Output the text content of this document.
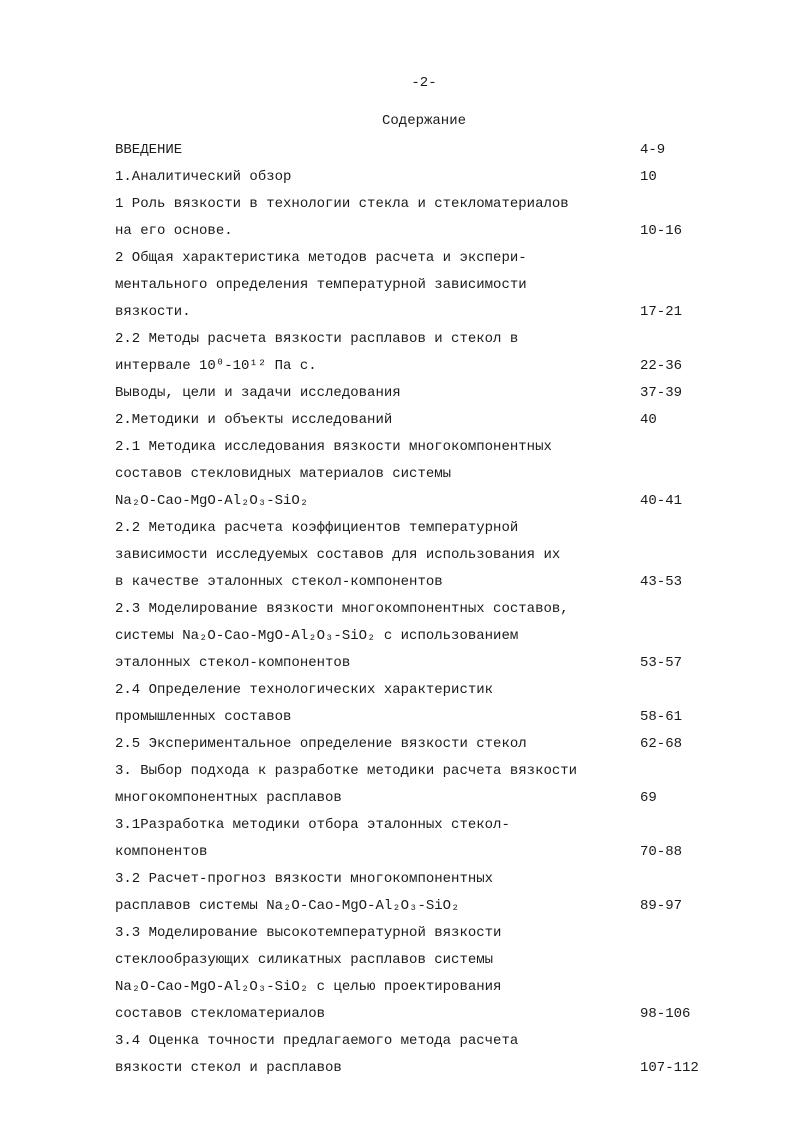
-2-
Содержание
ВВЕДЕНИЕ	4-9
1.Аналитический обзор	10
1 Роль вязкости в технологии стекла и стекломатериалов
на его основе.	10-16
2 Общая характеристика методов расчета и экспери-
ментального определения температурной зависимости
вязкости.	17-21
2.2 Методы расчета вязкости расплавов и стекол в
интервале 10⁰-10¹² Па с.	22-36
Выводы, цели и задачи исследования	37-39
2.Методики и объекты исследований	40
2.1 Методика исследования вязкости многокомпонентных
составов стекловидных материалов системы
Na₂O-Cao-MgO-Al₂O₃-SiO₂	40-41
2.2 Методика расчета коэффициентов температурной
зависимости исследуемых составов для использования их
в качестве эталонных стекол-компонентов	43-53
2.3 Моделирование вязкости многокомпонентных составов,
системы Na₂O-Cao-MgO-Al₂O₃-SiO₂ с использованием
эталонных стекол-компонентов	53-57
2.4 Определение технологических характеристик
промышленных составов	58-61
2.5 Экспериментальное определение вязкости стекол	62-68
3. Выбор подхода к разработке методики расчета вязкости
многокомпонентных расплавов	69
3.1Разработка методики отбора эталонных стекол-
компонентов	70-88
3.2 Расчет-прогноз вязкости многокомпонентных
расплавов системы Na₂O-Cao-MgO-Al₂O₃-SiO₂	89-97
3.3 Моделирование высокотемпературной вязкости
стеклообразующих силикатных расплавов системы
Na₂O-Cao-MgO-Al₂O₃-SiO₂ с целью проектирования
составов стекломатериалов	98-106
3.4 Оценка точности предлагаемого метода расчета
вязкости стекол и расплавов	107-112
